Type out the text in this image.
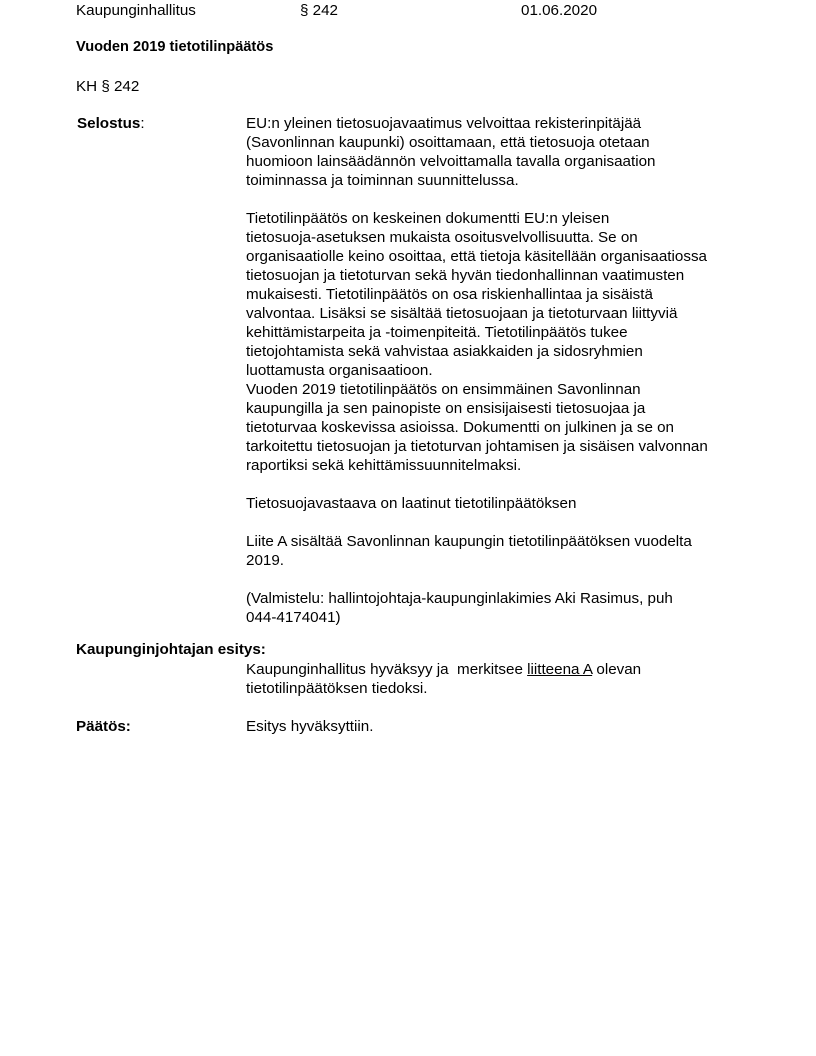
Kaupunginhallitus	§ 242	01.06.2020
Vuoden 2019 tietotilinpäätös
KH § 242
Selostus:	EU:n yleinen tietosuojavaatimus velvoittaa rekisterinpitäjää
(Savonlinnan kaupunki) osoittamaan, että tietosuoja otetaan
huomioon lainsäädännön velvoittamalla tavalla organisaation
toiminnassa ja toiminnan suunnittelussa.

Tietotilinpäätös on keskeinen dokumentti EU:n yleisen
tietosuoja-asetuksen mukaista osoitusvelvollisuutta. Se on
organisaatiolle keino osoittaa, että tietoja käsitellään organisaatiossa
tietosuojan ja tietoturvan sekä hyvän tiedonhallinnan vaatimusten
mukaisesti. Tietotilinpäätös on osa riskienhallintaa ja sisäistä
valvontaa. Lisäksi se sisältää tietosuojaan ja tietoturvaan liittyviä
kehittämistarpeita ja -toimenpiteitä. Tietotilinpäätös tukee
tietojohtamista sekä vahvistaa asiakkaiden ja sidosryhmien
luottamusta organisaatioon.

Vuoden 2019 tietotilinpäätös on ensimmäinen Savonlinnan
kaupungilla ja sen painopiste on ensisijaisesti tietosuojaa ja
tietoturvaa koskevissa asioissa. Dokumentti on julkinen ja se on
tarkoitettu tietosuojan ja tietoturvan johtamisen ja sisäisen valvonnan
raportiksi sekä kehittämissuunnitelmaksi.

Tietosuojavastaava on laatinut tietotilinpäätöksen

Liite A sisältää Savonlinnan kaupungin tietotilinpäätöksen vuodelta
2019.

(Valmistelu: hallintojohtaja-kaupunginlakimies Aki Rasimus, puh
044-4174041)

Kaupunginjohtajan esitys:

Kaupunginhallitus hyväksyy ja  merkitsee liitteena A olevan
tietotilinpäätöksen tiedoksi.

Päätös:	Esitys hyväksyttiin.
